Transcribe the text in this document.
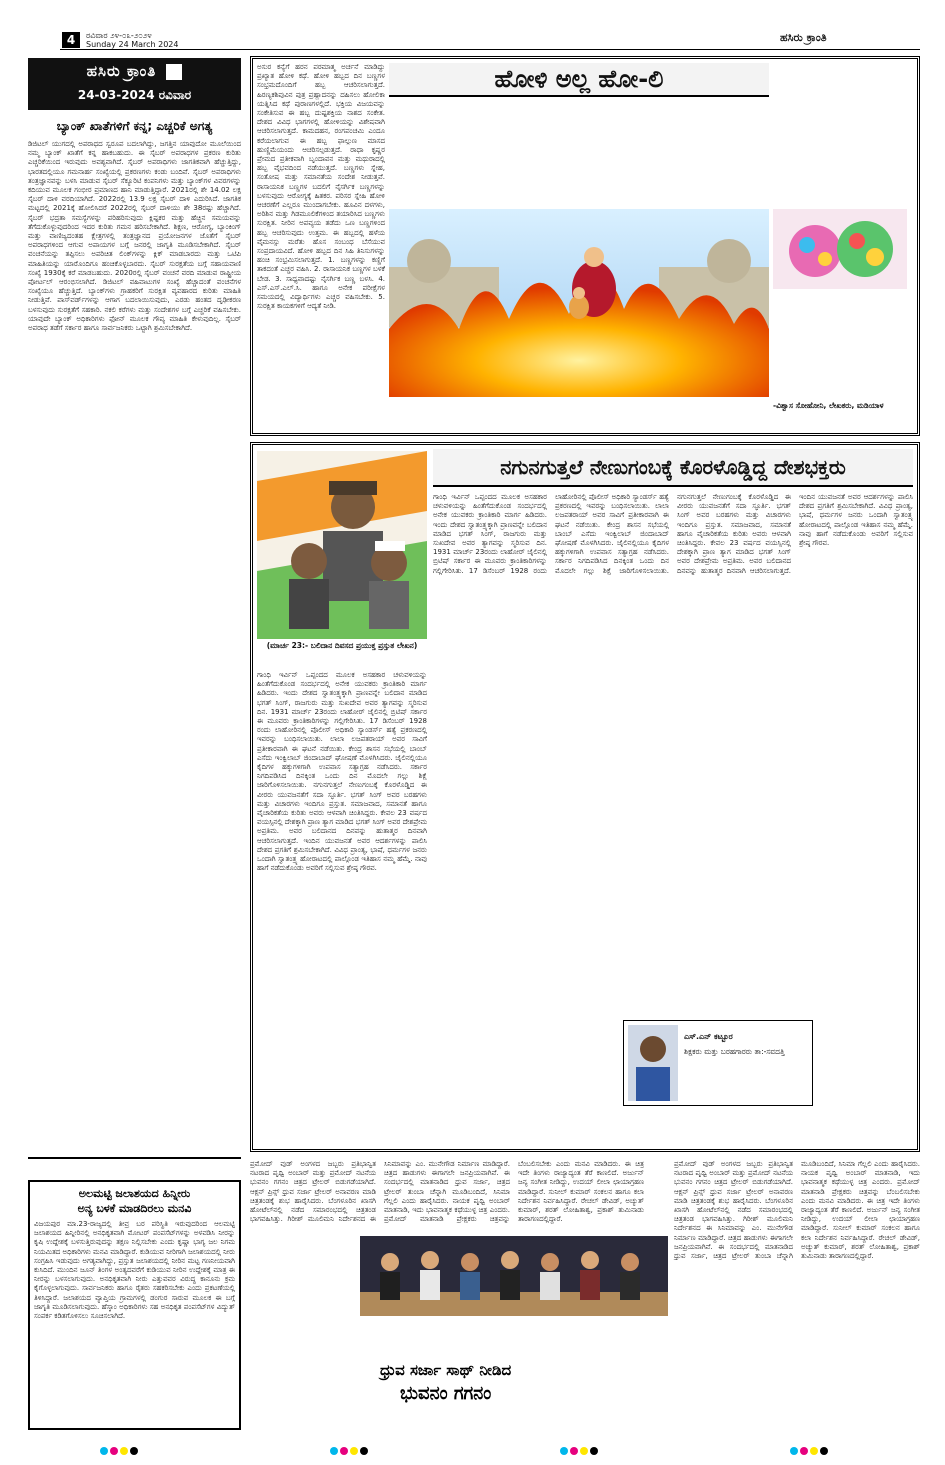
4	ರವಿವಾರ ೨೪-೦೩-೨೦೨೪
Sunday 24 March 2024
ಹಸಿರು ಕ್ರಾಂತಿ
ಹಸಿರು ಕ್ರಾಂತಿ
24-03-2024 ರವಿವಾರ
ಬ್ಯಾಂಕ್ ಖಾತೆಗಳಿಗೆ ಕನ್ನ; ಎಚ್ಚರಿಕೆ ಅಗತ್ಯ
ಡಿಜಿಟಲ್ ಯುಗದಲ್ಲಿ ಅಪರಾಧದ ಸ್ವರೂಪ ಬದಲಾಗಿದ್ದು, ಜಗತ್ತಿನ ಯಾವುದೋ ಮೂಲೆಯಿಂದ ನಮ್ಮ ಬ್ಯಾಂಕ್ ಖಾತೆಗೆ ಕನ್ನ ಹಾಕಬಹುದು. ಈ ಸೈಬರ್ ಅಪರಾಧಗಳ ಪ್ರಕರಣ ಕುರಿತು ಎಚ್ಚರಿಕೆಯಿಂದ ಇರುವುದು ಅವಶ್ಯವಾಗಿದೆ. ಸೈಬರ್ ಅಪರಾಧಿಗಳು ಜಾಗತಿಕವಾಗಿ ಹೆಚ್ಚುತ್ತಿದ್ದು, ಭಾರತದಲ್ಲಿಯೂ ಗಮನಾರ್ಹ ಸಂಖ್ಯೆಯಲ್ಲಿ ಪ್ರಕರಣಗಳು ಕಂಡು ಬಂದಿವೆ. ಸೈಬರ್ ಅಪರಾಧಿಗಳು ತಂತ್ರಜ್ಞಾನವನ್ನು ಬಳಸಿ ಮಾಡುವ ಸೈಬರ್ ಸೆಕ್ಯೂರಿಟಿ ಕಂಪನಿಗಳು ಮತ್ತು ಬ್ಯಾಂಕ್‌ಗಳ ವಿವರಗಳನ್ನು ಕದಿಯುವ ಮೂಲಕ ಗಂಭೀರ ಪ್ರಮಾಣದ ಹಾನಿ ಮಾಡುತ್ತಿದ್ದಾರೆ. 2021ರಲ್ಲಿ ಶೇ 14.02 ಲಕ್ಷ ಸೈಬರ್ ದಾಳಿ ವರದಿಯಾಗಿದೆ. 2022ರಲ್ಲಿ 13.9 ಲಕ್ಷ ಸೈಬರ್ ದಾಳಿ ಎದುರಿಸಿದೆ. ಜಾಗತಿಕ ಮಟ್ಟದಲ್ಲಿ 2021ಕ್ಕೆ ಹೋಲಿಸಿದರೆ 2022ರಲ್ಲಿ ಸೈಬರ್ ದಾಳಿಯು ಶೇ 38ರಷ್ಟು ಹೆಚ್ಚಾಗಿದೆ. ಸೈಬರ್ ಭದ್ರತಾ ಸಮಸ್ಯೆಗಳನ್ನು ಪರಿಹರಿಸುವುದು ಕ್ಲಿಷ್ಟಕರ ಮತ್ತು ಹೆಚ್ಚಿನ ಸಮಯವನ್ನು ತೆಗೆದುಕೊಳ್ಳುವುದರಿಂದ ಇದರ ಕುರಿತು ಗಮನ ಹರಿಸಬೇಕಾಗಿದೆ. ಶಿಕ್ಷಣ, ಆರೋಗ್ಯ, ಬ್ಯಾಂಕಿಂಗ್ ಮತ್ತು ವಾಣಿಜ್ಯದಂತಹ ಕ್ಷೇತ್ರಗಳಲ್ಲಿ ತಂತ್ರಜ್ಞಾನದ ಪ್ರಯೋಜನಗಳ ಜೊತೆಗೆ ಸೈಬರ್ ಅಪರಾಧಗಳಿಂದ ಆಗುವ ಅಪಾಯಗಳ ಬಗ್ಗೆ ಜನರಲ್ಲಿ ಜಾಗೃತಿ ಮೂಡಿಸಬೇಕಾಗಿದೆ. ಸೈಬರ್ ವಂಚನೆಯನ್ನು ತಪ್ಪಿಸಲು ಅಪರಿಚಿತ ಲಿಂಕ್‌ಗಳನ್ನು ಕ್ಲಿಕ್ ಮಾಡಬಾರದು ಮತ್ತು ಒಟಿಪಿ ಮಾಹಿತಿಯನ್ನು ಯಾರೊಂದಿಗೂ ಹಂಚಿಕೊಳ್ಳಬಾರದು. ಸೈಬರ್ ಸುರಕ್ಷತೆಯ ಬಗ್ಗೆ ಸಹಾಯವಾಣಿ ಸಂಖ್ಯೆ 1930ಕ್ಕೆ ಕರೆ ಮಾಡಬಹುದು. 2020ರಲ್ಲಿ ಸೈಬರ್ ವಂಚನೆ ವರದಿ ಮಾಡುವ ರಾಷ್ಟ್ರೀಯ ಪೋರ್ಟಲ್ ಆರಂಭಿಸಲಾಗಿದೆ. ಡಿಜಿಟಲ್ ವಹಿವಾಟುಗಳ ಸಂಖ್ಯೆ ಹೆಚ್ಚಾದಂತೆ ವಂಚನೆಗಳ ಸಂಖ್ಯೆಯೂ ಹೆಚ್ಚುತ್ತಿದೆ. ಬ್ಯಾಂಕ್‌ಗಳು ಗ್ರಾಹಕರಿಗೆ ಸುರಕ್ಷಿತ ವ್ಯವಹಾರದ ಕುರಿತು ಮಾಹಿತಿ ನೀಡುತ್ತಿವೆ. ಪಾಸ್‌ವರ್ಡ್‌ಗಳನ್ನು ಆಗಾಗ ಬದಲಾಯಿಸುವುದು, ಎರಡು ಹಂತದ ದೃಢೀಕರಣ ಬಳಸುವುದು ಸುರಕ್ಷತೆಗೆ ಸಹಕಾರಿ. ನಕಲಿ ಕರೆಗಳು ಮತ್ತು ಸಂದೇಶಗಳ ಬಗ್ಗೆ ಎಚ್ಚರಿಕೆ ವಹಿಸಬೇಕು. ಯಾವುದೇ ಬ್ಯಾಂಕ್ ಅಧಿಕಾರಿಗಳು ಫೋನ್ ಮೂಲಕ ಗೌಪ್ಯ ಮಾಹಿತಿ ಕೇಳುವುದಿಲ್ಲ. ಸೈಬರ್ ಅಪರಾಧ ತಡೆಗೆ ಸರ್ಕಾರ ಹಾಗೂ ಸಾರ್ವಜನಿಕರು ಒಟ್ಟಾಗಿ ಶ್ರಮಿಸಬೇಕಾಗಿದೆ.
ಅಲಮಟ್ಟಿ ಜಲಾಶಯದ ಹಿನ್ನೀರು
ಅನ್ಯ ಬಳಕೆ ಮಾಡದಿರಲು ಮನವಿ
ವಿಜಯಪುರ ಮಾ.23-ರಾಜ್ಯದಲ್ಲಿ ತೀವ್ರ ಬರ ಪರಿಸ್ಥಿತಿ ಇರುವುದರಿಂದ ಆಲಮಟ್ಟಿ ಜಲಾಶಯದ ಹಿನ್ನೀರಿನಲ್ಲಿ ಅನಧಿಕೃತವಾಗಿ ಮೋಟರ್ ಪಂಪಸೆಟ್‌ಗಳನ್ನು ಅಳವಡಿಸಿ ನೀರನ್ನು ಕೃಷಿ ಉದ್ದೇಶಕ್ಕೆ ಬಳಸುತ್ತಿರುವುದನ್ನು ತಕ್ಷಣ ನಿಲ್ಲಿಸಬೇಕು ಎಂದು ಕೃಷ್ಣಾ ಭಾಗ್ಯ ಜಲ ನಿಗಮ ನಿಯಮಿತದ ಅಧಿಕಾರಿಗಳು ಮನವಿ ಮಾಡಿದ್ದಾರೆ. ಕುಡಿಯುವ ನೀರಿಗಾಗಿ ಜಲಾಶಯದಲ್ಲಿ ನೀರು ಸಂಗ್ರಹಿಸಿ ಇಡುವುದು ಅಗತ್ಯವಾಗಿದ್ದು, ಪ್ರಸ್ತುತ ಜಲಾಶಯದಲ್ಲಿ ನೀರಿನ ಮಟ್ಟ ಗಣನೀಯವಾಗಿ ಕುಸಿದಿದೆ. ಮುಂದಿನ ಜೂನ್ ತಿಂಗಳ ಅಂತ್ಯದವರೆಗೆ ಕುಡಿಯುವ ನೀರಿನ ಉದ್ದೇಶಕ್ಕೆ ಮಾತ್ರ ಈ ನೀರನ್ನು ಬಳಸಲಾಗುವುದು. ಅನಧಿಕೃತವಾಗಿ ನೀರು ಎತ್ತುವವರ ವಿರುದ್ಧ ಕಾನೂನು ಕ್ರಮ ಕೈಗೊಳ್ಳಲಾಗುವುದು. ಸಾರ್ವಜನಿಕರು ಹಾಗೂ ರೈತರು ಸಹಕರಿಸಬೇಕು ಎಂದು ಪ್ರಕಟಣೆಯಲ್ಲಿ ತಿಳಿಸಿದ್ದಾರೆ. ಜಲಾಶಯದ ವ್ಯಾಪ್ತಿಯ ಗ್ರಾಮಗಳಲ್ಲಿ ಡಂಗುರ ಸಾರುವ ಮೂಲಕ ಈ ಬಗ್ಗೆ ಜಾಗೃತಿ ಮೂಡಿಸಲಾಗುವುದು. ಹೆಸ್ಕಾಂ ಅಧಿಕಾರಿಗಳು ಸಹ ಅನಧಿಕೃತ ಪಂಪಸೆಟ್‌ಗಳ ವಿದ್ಯುತ್ ಸಂಪರ್ಕ ಕಡಿತಗೊಳಿಸಲು ಸೂಚಿಸಲಾಗಿದೆ.
ಅಸುರ ಕನ್ಯೆಗೆ ಹರನ ಪರಮಾತ್ಮ ಅರ್ಚನೆ ಮಾಡಿದ್ದು ಪ್ರಖ್ಯಾತ ಹೋಳಿ ಕಥೆ. ಹೋಳಿ ಹಬ್ಬದ ದಿನ ಬಣ್ಣಗಳ ಸಂಭ್ರಮದೊಂದಿಗೆ ಹಬ್ಬ ಆಚರಿಸಲಾಗುತ್ತದೆ. ಹಿರಣ್ಯಕಶಿಪುವಿನ ಪುತ್ರ ಪ್ರಹ್ಲಾದನನ್ನು ದಹಿಸಲು ಹೋಲಿಕಾ ಯತ್ನಿಸಿದ ಕಥೆ ಪುರಾಣಗಳಲ್ಲಿದೆ. ಭಕ್ತಿಯ ವಿಜಯವನ್ನು ಸಂಕೇತಿಸುವ ಈ ಹಬ್ಬ ದುಷ್ಟಶಕ್ತಿಯ ನಾಶದ ಸಂಕೇತ. ದೇಶದ ವಿವಿಧ ಭಾಗಗಳಲ್ಲಿ ಹೋಳಿಯನ್ನು ವಿಶೇಷವಾಗಿ ಆಚರಿಸಲಾಗುತ್ತದೆ. ಕಾಮದಹನ, ರಂಗಪಂಚಮಿ ಎಂದೂ ಕರೆಯಲಾಗುವ ಈ ಹಬ್ಬ ಫಾಲ್ಗುಣ ಮಾಸದ ಹುಣ್ಣಿಮೆಯಂದು ಆಚರಿಸಲ್ಪಡುತ್ತದೆ. ರಾಧಾ ಕೃಷ್ಣರ ಪ್ರೇಮದ ಪ್ರತೀಕವಾಗಿ ಬೃಂದಾವನ ಮತ್ತು ಮಥುರಾದಲ್ಲಿ ಹಬ್ಬ ವೈಭವದಿಂದ ನಡೆಯುತ್ತದೆ. ಬಣ್ಣಗಳು ಸ್ನೇಹ, ಸಂತೋಷ ಮತ್ತು ಸಮಾನತೆಯ ಸಂದೇಶ ನೀಡುತ್ತವೆ. ರಾಸಾಯನಿಕ ಬಣ್ಣಗಳ ಬದಲಿಗೆ ನೈಸರ್ಗಿಕ ಬಣ್ಣಗಳನ್ನು ಬಳಸುವುದು ಆರೋಗ್ಯಕ್ಕೆ ಹಿತಕರ. ಪರಿಸರ ಸ್ನೇಹಿ ಹೋಳಿ ಆಚರಣೆಗೆ ಎಲ್ಲರೂ ಮುಂದಾಗಬೇಕು. ಹೂವಿನ ದಳಗಳು, ಅರಿಶಿನ ಮತ್ತು ಗಿಡಮೂಲಿಕೆಗಳಿಂದ ತಯಾರಿಸಿದ ಬಣ್ಣಗಳು ಸುರಕ್ಷಿತ. ನೀರಿನ ಅಪವ್ಯಯ ತಡೆದು ಒಣ ಬಣ್ಣಗಳಿಂದ ಹಬ್ಬ ಆಚರಿಸುವುದು ಉತ್ತಮ. ಈ ಹಬ್ಬದಲ್ಲಿ ಹಳೆಯ ವೈಮನಸ್ಸು ಮರೆತು ಹೊಸ ಸಂಬಂಧ ಬೆಸೆಯುವ ಸಂಪ್ರದಾಯವಿದೆ. ಹೋಳಿ ಹಬ್ಬದ ದಿನ ಸಿಹಿ ತಿನಿಸುಗಳನ್ನು ಹಂಚಿ ಸಂಭ್ರಮಿಸಲಾಗುತ್ತದೆ. 1. ಬಣ್ಣಗಳನ್ನು ಕಣ್ಣಿಗೆ ತಾಕದಂತೆ ಎಚ್ಚರ ವಹಿಸಿ. 2. ರಾಸಾಯನಿಕ ಬಣ್ಣಗಳ ಬಳಕೆ ಬೇಡ. 3. ಸಾಧ್ಯವಾದಷ್ಟು ನೈಸರ್ಗಿಕ ಬಣ್ಣ ಬಳಸಿ. 4. ಎಸ್.ಎಸ್.ಎಲ್.ಸಿ. ಹಾಗೂ ಅನೇಕ ಪರೀಕ್ಷೆಗಳ ಸಮಯದಲ್ಲಿ ವಿದ್ಯಾರ್ಥಿಗಳು ಎಚ್ಚರ ವಹಿಸಬೇಕು. 5. ಸುರಕ್ಷಿತ ಕಾಯಕಗಳಿಗೆ ಆದ್ಯತೆ ನೀಡಿ.
ಹೋಳಿ ಅಲ್ಲ ಹೋ-ಲಿ
-ವಿಶ್ವಾಸ ಸೋಹೋನಿ, ಲೇಖಕರು, ಮಡಿಯಾಳ
ನಗುನಗುತ್ತಲೆ ನೇಣುಗಂಬಕ್ಕೆ ಕೊರಳೊಡ್ಡಿದ್ದ ದೇಶಭಕ್ತರು
(ಮಾರ್ಚ 23:- ಬಲಿದಾನ ದಿವಸದ ಪ್ರಯುಕ್ತ ಪ್ರಸ್ತುತ ಲೇಖನ)
ಗಾಂಧಿ ಇರ್ವಿನ್ ಒಪ್ಪಂದದ ಮೂಲಕ ಅಸಹಕಾರ ಚಳುವಳಿಯನ್ನು ಹಿಂತೆಗೆದುಕೊಂಡ ಸಂದರ್ಭದಲ್ಲಿ ಅನೇಕ ಯುವಕರು ಕ್ರಾಂತಿಕಾರಿ ಮಾರ್ಗ ಹಿಡಿದರು. ಇಂದು ದೇಶದ ಸ್ವಾತಂತ್ರ್ಯಕ್ಕಾಗಿ ಪ್ರಾಣವನ್ನೇ ಬಲಿದಾನ ಮಾಡಿದ ಭಗತ್ ಸಿಂಗ್, ರಾಜಗುರು ಮತ್ತು ಸುಖದೇವ ಅವರ ತ್ಯಾಗವನ್ನು ಸ್ಮರಿಸುವ ದಿನ. 1931 ಮಾರ್ಚ್ 23ರಂದು ಲಾಹೋರ್ ಜೈಲಿನಲ್ಲಿ ಬ್ರಿಟಿಷ್ ಸರ್ಕಾರ ಈ ಮೂವರು ಕ್ರಾಂತಿಕಾರಿಗಳನ್ನು ಗಲ್ಲಿಗೇರಿಸಿತು. 17 ಡಿಸೆಂಬರ್ 1928 ರಂದು ಲಾಹೋರಿನಲ್ಲಿ ಪೊಲೀಸ್ ಅಧಿಕಾರಿ ಸ್ಯಾಂಡರ್ಸ್ ಹತ್ಯೆ ಪ್ರಕರಣದಲ್ಲಿ ಇವರನ್ನು ಬಂಧಿಸಲಾಯಿತು. ಲಾಲಾ ಲಜಪತರಾಯ್ ಅವರ ಸಾವಿಗೆ ಪ್ರತೀಕಾರವಾಗಿ ಈ ಘಟನೆ ನಡೆಯಿತು. ಕೇಂದ್ರ ಶಾಸನ ಸಭೆಯಲ್ಲಿ ಬಾಂಬ್ ಎಸೆದು ಇಂಕ್ವಿಲಾಬ್ ಜಿಂದಾಬಾದ್ ಘೋಷಣೆ ಮೊಳಗಿಸಿದರು. ಜೈಲಿನಲ್ಲಿಯೂ ಕೈದಿಗಳ ಹಕ್ಕುಗಳಿಗಾಗಿ ಉಪವಾಸ ಸತ್ಯಾಗ್ರಹ ನಡೆಸಿದರು. ಸರ್ಕಾರ ನಿಗದಿಪಡಿಸಿದ ದಿನಕ್ಕಿಂತ ಒಂದು ದಿನ ಮೊದಲೇ ಗಲ್ಲು ಶಿಕ್ಷೆ ಜಾರಿಗೊಳಿಸಲಾಯಿತು. ನಗುನಗುತ್ತಲೆ ನೇಣುಗಂಬಕ್ಕೆ ಕೊರಳೊಡ್ಡಿದ ಈ ವೀರರು ಯುವಜನತೆಗೆ ಸದಾ ಸ್ಫೂರ್ತಿ. ಭಗತ್ ಸಿಂಗ್ ಅವರ ಬರಹಗಳು ಮತ್ತು ವಿಚಾರಗಳು ಇಂದಿಗೂ ಪ್ರಸ್ತುತ. ಸಮಾಜವಾದ, ಸಮಾನತೆ ಹಾಗೂ ವೈಚಾರಿಕತೆಯ ಕುರಿತು ಅವರು ಆಳವಾಗಿ ಚಿಂತಿಸಿದ್ದರು. ಕೇವಲ 23 ವರ್ಷದ ವಯಸ್ಸಿನಲ್ಲಿ ದೇಶಕ್ಕಾಗಿ ಪ್ರಾಣ ತ್ಯಾಗ ಮಾಡಿದ ಭಗತ್ ಸಿಂಗ್ ಅವರ ದೇಶಪ್ರೇಮ ಅಪ್ರತಿಮ. ಅವರ ಬಲಿದಾನದ ದಿನವನ್ನು ಹುತಾತ್ಮರ ದಿನವಾಗಿ ಆಚರಿಸಲಾಗುತ್ತದೆ. ಇಂದಿನ ಯುವಜನತೆ ಅವರ ಆದರ್ಶಗಳನ್ನು ಪಾಲಿಸಿ ದೇಶದ ಪ್ರಗತಿಗೆ ಶ್ರಮಿಸಬೇಕಾಗಿದೆ. ವಿವಿಧ ಪ್ರಾಂತ್ಯ, ಭಾಷೆ, ಧರ್ಮಗಳ ಜನರು ಒಂದಾಗಿ ಸ್ವಾತಂತ್ರ್ಯ ಹೋರಾಟದಲ್ಲಿ ಪಾಲ್ಗೊಂಡ ಇತಿಹಾಸ ನಮ್ಮ ಹೆಮ್ಮೆ. ನಾವು ಹಾಗೆ ನಡೆದುಕೊಂಡು ಅವರಿಗೆ ಸಲ್ಲಿಸುವ ಶ್ರೇಷ್ಠ ಗೌರವ.
ಗಾಂಧಿ ಇರ್ವಿನ್ ಒಪ್ಪಂದದ ಮೂಲಕ ಅಸಹಕಾರ ಚಳುವಳಿಯನ್ನು ಹಿಂತೆಗೆದುಕೊಂಡ ಸಂದರ್ಭದಲ್ಲಿ ಅನೇಕ ಯುವಕರು ಕ್ರಾಂತಿಕಾರಿ ಮಾರ್ಗ ಹಿಡಿದರು. ಇಂದು ದೇಶದ ಸ್ವಾತಂತ್ರ್ಯಕ್ಕಾಗಿ ಪ್ರಾಣವನ್ನೇ ಬಲಿದಾನ ಮಾಡಿದ ಭಗತ್ ಸಿಂಗ್, ರಾಜಗುರು ಮತ್ತು ಸುಖದೇವ ಅವರ ತ್ಯಾಗವನ್ನು ಸ್ಮರಿಸುವ ದಿನ. 1931 ಮಾರ್ಚ್ 23ರಂದು ಲಾಹೋರ್ ಜೈಲಿನಲ್ಲಿ ಬ್ರಿಟಿಷ್ ಸರ್ಕಾರ ಈ ಮೂವರು ಕ್ರಾಂತಿಕಾರಿಗಳನ್ನು ಗಲ್ಲಿಗೇರಿಸಿತು. 17 ಡಿಸೆಂಬರ್ 1928 ರಂದು ಲಾಹೋರಿನಲ್ಲಿ ಪೊಲೀಸ್ ಅಧಿಕಾರಿ ಸ್ಯಾಂಡರ್ಸ್ ಹತ್ಯೆ ಪ್ರಕರಣದಲ್ಲಿ ಇವರನ್ನು ಬಂಧಿಸಲಾಯಿತು. ಲಾಲಾ ಲಜಪತರಾಯ್ ಅವರ ಸಾವಿಗೆ ಪ್ರತೀಕಾರವಾಗಿ ಈ ಘಟನೆ ನಡೆಯಿತು. ಕೇಂದ್ರ ಶಾಸನ ಸಭೆಯಲ್ಲಿ ಬಾಂಬ್ ಎಸೆದು ಇಂಕ್ವಿಲಾಬ್ ಜಿಂದಾಬಾದ್ ಘೋಷಣೆ ಮೊಳಗಿಸಿದರು. ಜೈಲಿನಲ್ಲಿಯೂ ಕೈದಿಗಳ ಹಕ್ಕುಗಳಿಗಾಗಿ ಉಪವಾಸ ಸತ್ಯಾಗ್ರಹ ನಡೆಸಿದರು. ಸರ್ಕಾರ ನಿಗದಿಪಡಿಸಿದ ದಿನಕ್ಕಿಂತ ಒಂದು ದಿನ ಮೊದಲೇ ಗಲ್ಲು ಶಿಕ್ಷೆ ಜಾರಿಗೊಳಿಸಲಾಯಿತು. ನಗುನಗುತ್ತಲೆ ನೇಣುಗಂಬಕ್ಕೆ ಕೊರಳೊಡ್ಡಿದ ಈ ವೀರರು ಯುವಜನತೆಗೆ ಸದಾ ಸ್ಫೂರ್ತಿ. ಭಗತ್ ಸಿಂಗ್ ಅವರ ಬರಹಗಳು ಮತ್ತು ವಿಚಾರಗಳು ಇಂದಿಗೂ ಪ್ರಸ್ತುತ. ಸಮಾಜವಾದ, ಸಮಾನತೆ ಹಾಗೂ ವೈಚಾರಿಕತೆಯ ಕುರಿತು ಅವರು ಆಳವಾಗಿ ಚಿಂತಿಸಿದ್ದರು. ಕೇವಲ 23 ವರ್ಷದ ವಯಸ್ಸಿನಲ್ಲಿ ದೇಶಕ್ಕಾಗಿ ಪ್ರಾಣ ತ್ಯಾಗ ಮಾಡಿದ ಭಗತ್ ಸಿಂಗ್ ಅವರ ದೇಶಪ್ರೇಮ ಅಪ್ರತಿಮ. ಅವರ ಬಲಿದಾನದ ದಿನವನ್ನು ಹುತಾತ್ಮರ ದಿನವಾಗಿ ಆಚರಿಸಲಾಗುತ್ತದೆ. ಇಂದಿನ ಯುವಜನತೆ ಅವರ ಆದರ್ಶಗಳನ್ನು ಪಾಲಿಸಿ ದೇಶದ ಪ್ರಗತಿಗೆ ಶ್ರಮಿಸಬೇಕಾಗಿದೆ. ವಿವಿಧ ಪ್ರಾಂತ್ಯ, ಭಾಷೆ, ಧರ್ಮಗಳ ಜನರು ಒಂದಾಗಿ ಸ್ವಾತಂತ್ರ್ಯ ಹೋರಾಟದಲ್ಲಿ ಪಾಲ್ಗೊಂಡ ಇತಿಹಾಸ ನಮ್ಮ ಹೆಮ್ಮೆ. ನಾವು ಹಾಗೆ ನಡೆದುಕೊಂಡು ಅವರಿಗೆ ಸಲ್ಲಿಸುವ ಶ್ರೇಷ್ಠ ಗೌರವ.
ಎಸ್.ಎನ್ ಕಟ್ಟೂರ
ಶಿಕ್ಷಕರು ಮತ್ತು ಬರಹಗಾರರು ತಾ:-ಸವದತ್ತಿ
ಪ್ರಮೋದ್ ವುಡ್ ಅಂಗಳದ ಜಬ್ಬರು ಪ್ರತಿಭಾನ್ವಿತ ನಟರಾದ ಪೃಥ್ವಿ ಅಂಬಾರ್ ಮತ್ತು ಪ್ರಮೋದ್ ನಟನೆಯ ಭುವನಂ ಗಗನಂ ಚಿತ್ರದ ಟ್ರೇಲರ್ ಬಿಡುಗಡೆಯಾಗಿದೆ. ಆಕ್ಷನ್ ಪ್ರಿನ್ಸ್ ಧ್ರುವ ಸರ್ಜಾ ಟ್ರೇಲರ್ ಅನಾವರಣ ಮಾಡಿ ಚಿತ್ರತಂಡಕ್ಕೆ ಶುಭ ಹಾರೈಸಿದರು. ಬೆಂಗಳೂರಿನ ಖಾಸಗಿ ಹೋಟೆಲ್‌ನಲ್ಲಿ ನಡೆದ ಸಮಾರಂಭದಲ್ಲಿ ಚಿತ್ರತಂಡ ಭಾಗವಹಿಸಿತ್ತು. ಗಿರೀಶ್ ಮೂಲಿಮನಿ ನಿರ್ದೇಶನದ ಈ ಸಿನಿಮಾವನ್ನು ಎಂ. ಮುನೇಗೌಡ ನಿರ್ಮಾಣ ಮಾಡಿದ್ದಾರೆ. ಚಿತ್ರದ ಹಾಡುಗಳು ಈಗಾಗಲೇ ಜನಪ್ರಿಯವಾಗಿವೆ. ಈ ಸಂದರ್ಭದಲ್ಲಿ ಮಾತನಾಡಿದ ಧ್ರುವ ಸರ್ಜಾ, ಚಿತ್ರದ ಟ್ರೇಲರ್ ತುಂಬಾ ಚೆನ್ನಾಗಿ ಮೂಡಿಬಂದಿದೆ, ಸಿನಿಮಾ ಗೆಲ್ಲಲಿ ಎಂದು ಹಾರೈಸಿದರು. ನಾಯಕ ಪೃಥ್ವಿ ಅಂಬಾರ್ ಮಾತನಾಡಿ, ಇದು ಭಾವನಾತ್ಮಕ ಕಥೆಯುಳ್ಳ ಚಿತ್ರ ಎಂದರು. ಪ್ರಮೋದ್ ಮಾತನಾಡಿ ಪ್ರೇಕ್ಷಕರು ಚಿತ್ರವನ್ನು ಬೆಂಬಲಿಸಬೇಕು ಎಂದು ಮನವಿ ಮಾಡಿದರು. ಈ ಚಿತ್ರ ಇದೇ ತಿಂಗಳು ರಾಜ್ಯಾದ್ಯಂತ ತೆರೆ ಕಾಣಲಿದೆ. ಅರ್ಜುನ್ ಜನ್ಯ ಸಂಗೀತ ನೀಡಿದ್ದು, ಉದಯ್ ಲೀಲಾ ಛಾಯಾಗ್ರಹಣ ಮಾಡಿದ್ದಾರೆ. ಸುನೀಲ್ ಕುಮಾರ್ ಸಂಕಲನ ಹಾಗೂ ಕಲಾ ನಿರ್ದೇಶನ ನಿರ್ವಹಿಸಿದ್ದಾರೆ. ರೇಚಲ್ ಡೇವಿಡ್, ಅಚ್ಯುತ್ ಕುಮಾರ್, ಶರತ್ ಲೋಹಿತಾಶ್ವ, ಪ್ರಕಾಶ್ ತುಮಿನಾಡು ತಾರಾಗಣದಲ್ಲಿದ್ದಾರೆ.
ಧ್ರುವ ಸರ್ಜಾ ಸಾಥ್ ನೀಡಿದ
ಭುವನಂ ಗಗನಂ
ಪ್ರಮೋದ್ ವುಡ್ ಅಂಗಳದ ಜಬ್ಬರು ಪ್ರತಿಭಾನ್ವಿತ ನಟರಾದ ಪೃಥ್ವಿ ಅಂಬಾರ್ ಮತ್ತು ಪ್ರಮೋದ್ ನಟನೆಯ ಭುವನಂ ಗಗನಂ ಚಿತ್ರದ ಟ್ರೇಲರ್ ಬಿಡುಗಡೆಯಾಗಿದೆ. ಆಕ್ಷನ್ ಪ್ರಿನ್ಸ್ ಧ್ರುವ ಸರ್ಜಾ ಟ್ರೇಲರ್ ಅನಾವರಣ ಮಾಡಿ ಚಿತ್ರತಂಡಕ್ಕೆ ಶುಭ ಹಾರೈಸಿದರು. ಬೆಂಗಳೂರಿನ ಖಾಸಗಿ ಹೋಟೆಲ್‌ನಲ್ಲಿ ನಡೆದ ಸಮಾರಂಭದಲ್ಲಿ ಚಿತ್ರತಂಡ ಭಾಗವಹಿಸಿತ್ತು. ಗಿರೀಶ್ ಮೂಲಿಮನಿ ನಿರ್ದೇಶನದ ಈ ಸಿನಿಮಾವನ್ನು ಎಂ. ಮುನೇಗೌಡ ನಿರ್ಮಾಣ ಮಾಡಿದ್ದಾರೆ. ಚಿತ್ರದ ಹಾಡುಗಳು ಈಗಾಗಲೇ ಜನಪ್ರಿಯವಾಗಿವೆ. ಈ ಸಂದರ್ಭದಲ್ಲಿ ಮಾತನಾಡಿದ ಧ್ರುವ ಸರ್ಜಾ, ಚಿತ್ರದ ಟ್ರೇಲರ್ ತುಂಬಾ ಚೆನ್ನಾಗಿ ಮೂಡಿಬಂದಿದೆ, ಸಿನಿಮಾ ಗೆಲ್ಲಲಿ ಎಂದು ಹಾರೈಸಿದರು. ನಾಯಕ ಪೃಥ್ವಿ ಅಂಬಾರ್ ಮಾತನಾಡಿ, ಇದು ಭಾವನಾತ್ಮಕ ಕಥೆಯುಳ್ಳ ಚಿತ್ರ ಎಂದರು. ಪ್ರಮೋದ್ ಮಾತನಾಡಿ ಪ್ರೇಕ್ಷಕರು ಚಿತ್ರವನ್ನು ಬೆಂಬಲಿಸಬೇಕು ಎಂದು ಮನವಿ ಮಾಡಿದರು. ಈ ಚಿತ್ರ ಇದೇ ತಿಂಗಳು ರಾಜ್ಯಾದ್ಯಂತ ತೆರೆ ಕಾಣಲಿದೆ. ಅರ್ಜುನ್ ಜನ್ಯ ಸಂಗೀತ ನೀಡಿದ್ದು, ಉದಯ್ ಲೀಲಾ ಛಾಯಾಗ್ರಹಣ ಮಾಡಿದ್ದಾರೆ. ಸುನೀಲ್ ಕುಮಾರ್ ಸಂಕಲನ ಹಾಗೂ ಕಲಾ ನಿರ್ದೇಶನ ನಿರ್ವಹಿಸಿದ್ದಾರೆ. ರೇಚಲ್ ಡೇವಿಡ್, ಅಚ್ಯುತ್ ಕುಮಾರ್, ಶರತ್ ಲೋಹಿತಾಶ್ವ, ಪ್ರಕಾಶ್ ತುಮಿನಾಡು ತಾರಾಗಣದಲ್ಲಿದ್ದಾರೆ.
